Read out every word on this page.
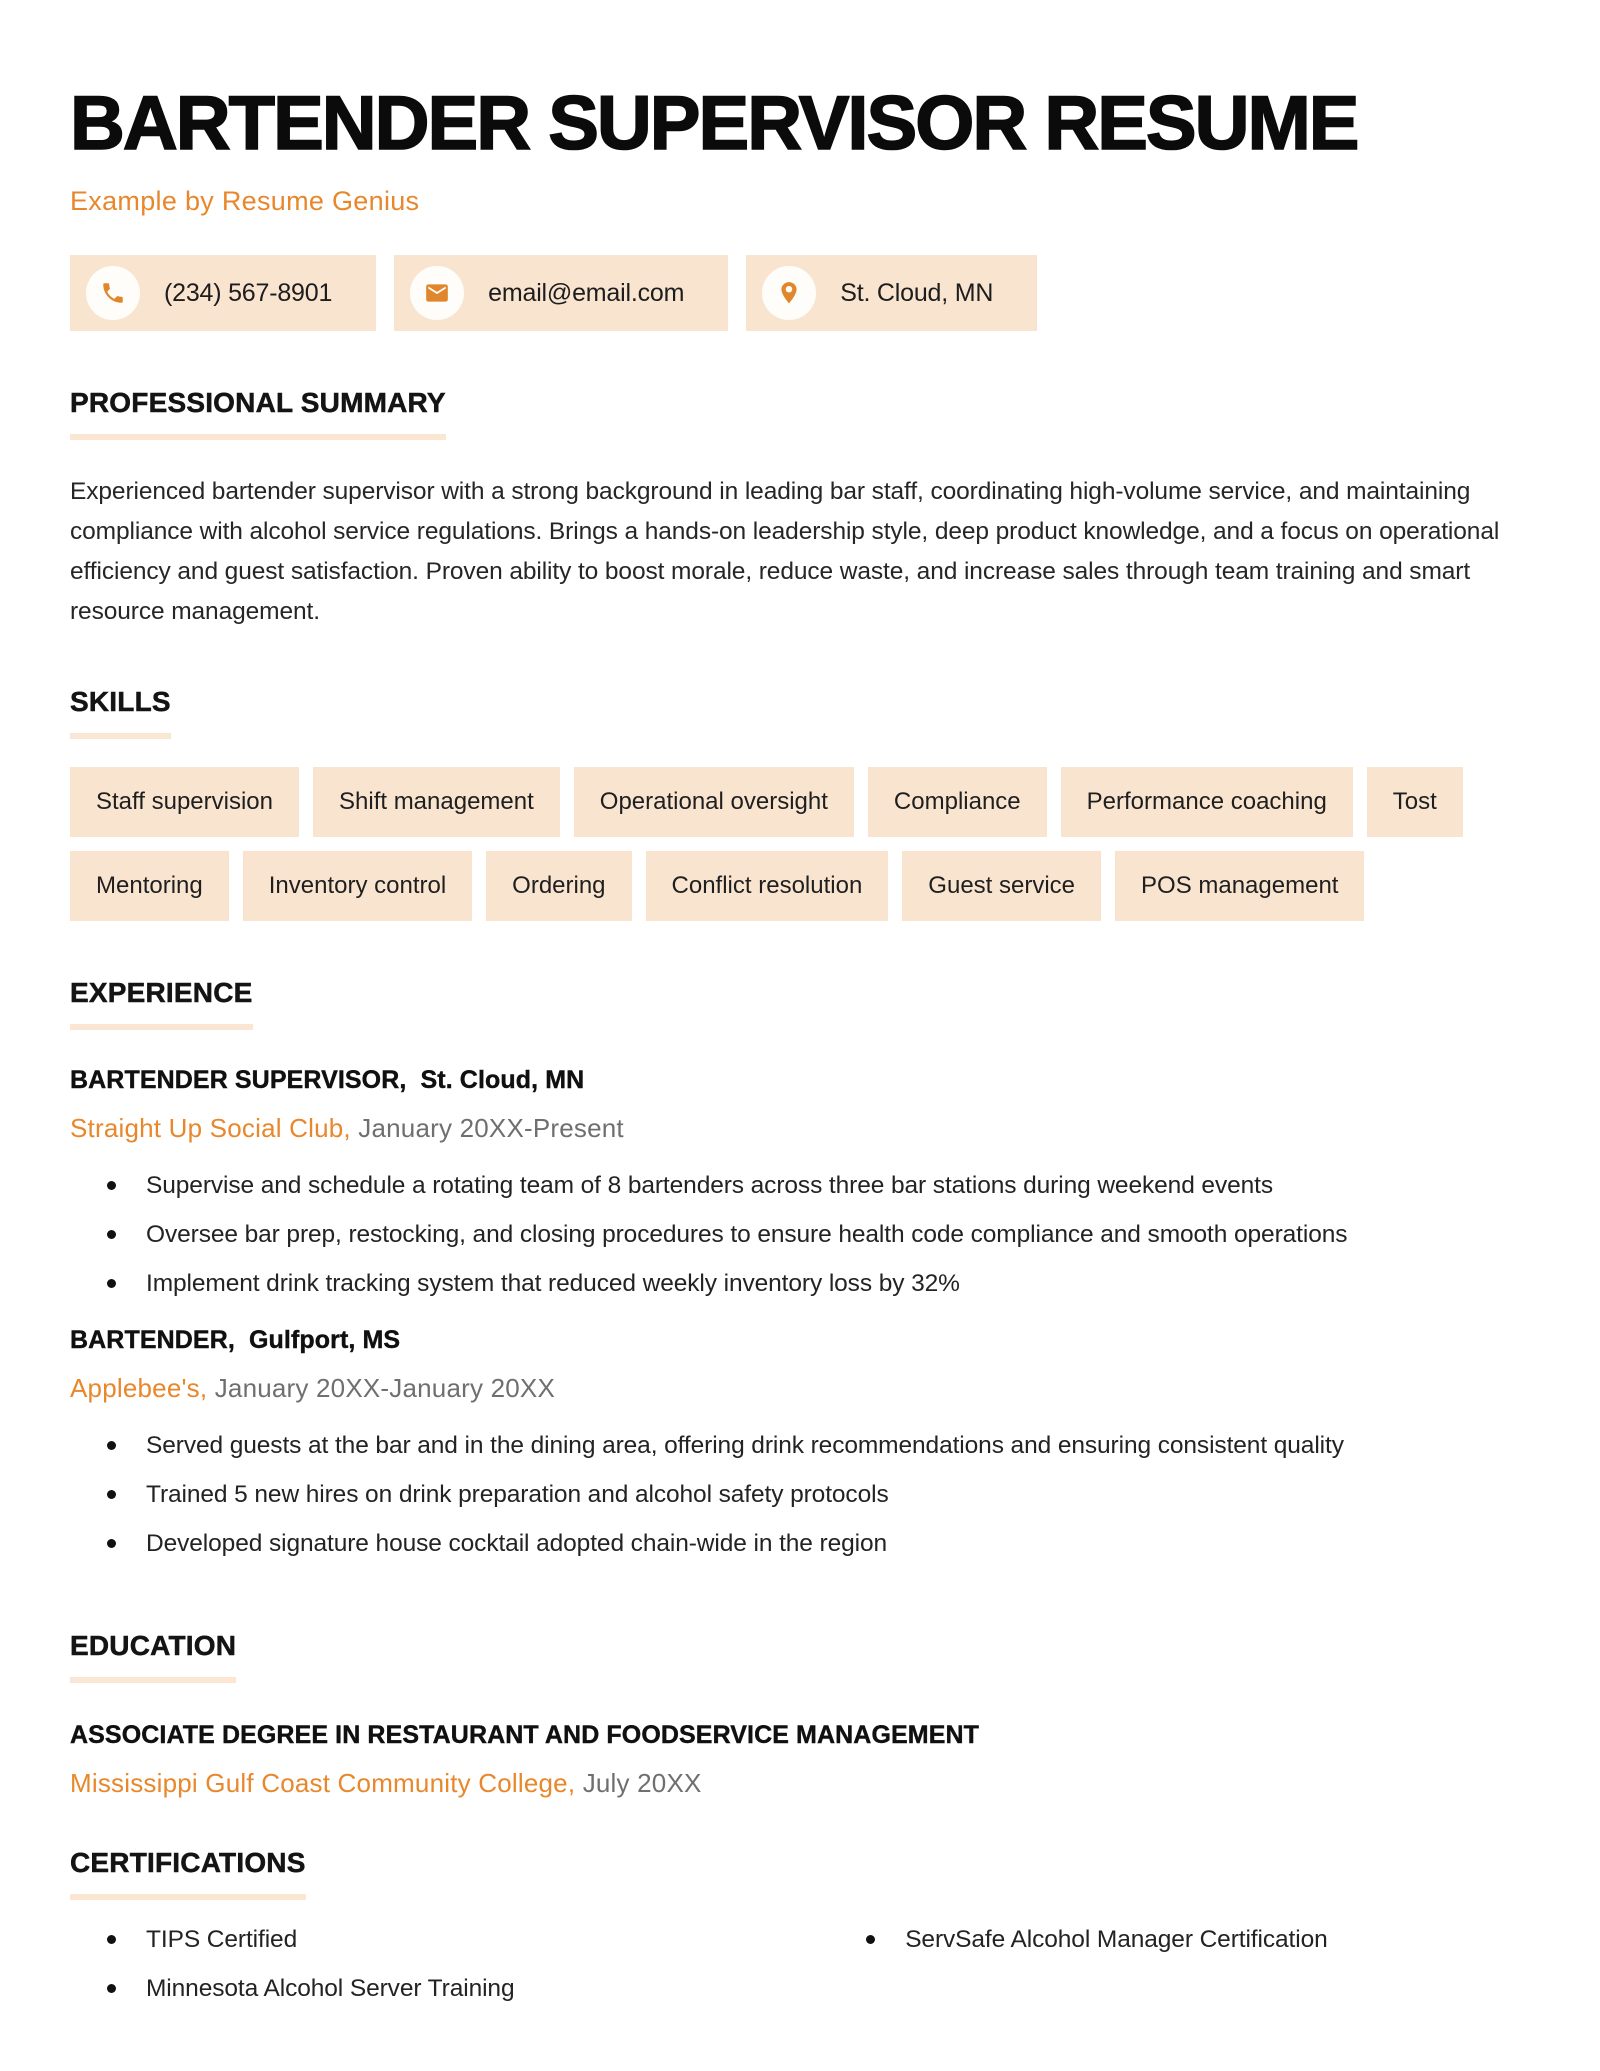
BARTENDER SUPERVISOR RESUME

Example by Resume Genius

(234) 567-8901	email@email.com	St. Cloud, MN
PROFESSIONAL SUMMARY

Experienced bartender supervisor with a strong background in leading bar staff, coordinating high-volume service, and maintaining compliance with alcohol service regulations. Brings a hands-on leadership style, deep product knowledge, and a focus on operational efficiency and guest satisfaction. Proven ability to boost morale, reduce waste, and increase sales through team training and smart resource management.

SKILLS
Staff supervision	Shift management	Operational oversight	Compliance	Performance coaching	Tost
Mentoring	Inventory control	Ordering	Conflict resolution	Guest service	POS management
EXPERIENCE
BARTENDER SUPERVISOR,  St. Cloud, MN

Straight Up Social Club, January 20XX-Present

Supervise and schedule a rotating team of 8 bartenders across three bar stations during weekend events
Oversee bar prep, restocking, and closing procedures to ensure health code compliance and smooth operations
Implement drink tracking system that reduced weekly inventory loss by 32%
BARTENDER,  Gulfport, MS

Applebee's, January 20XX-January 20XX

Served guests at the bar and in the dining area, offering drink recommendations and ensuring consistent quality
Trained 5 new hires on drink preparation and alcohol safety protocols
Developed signature house cocktail adopted chain-wide in the region
EDUCATION
ASSOCIATE DEGREE IN RESTAURANT AND FOODSERVICE MANAGEMENT

Mississippi Gulf Coast Community College, July 20XX

CERTIFICATIONS
TIPS Certified
Minnesota Alcohol Server Training
ServSafe Alcohol Manager Certification
